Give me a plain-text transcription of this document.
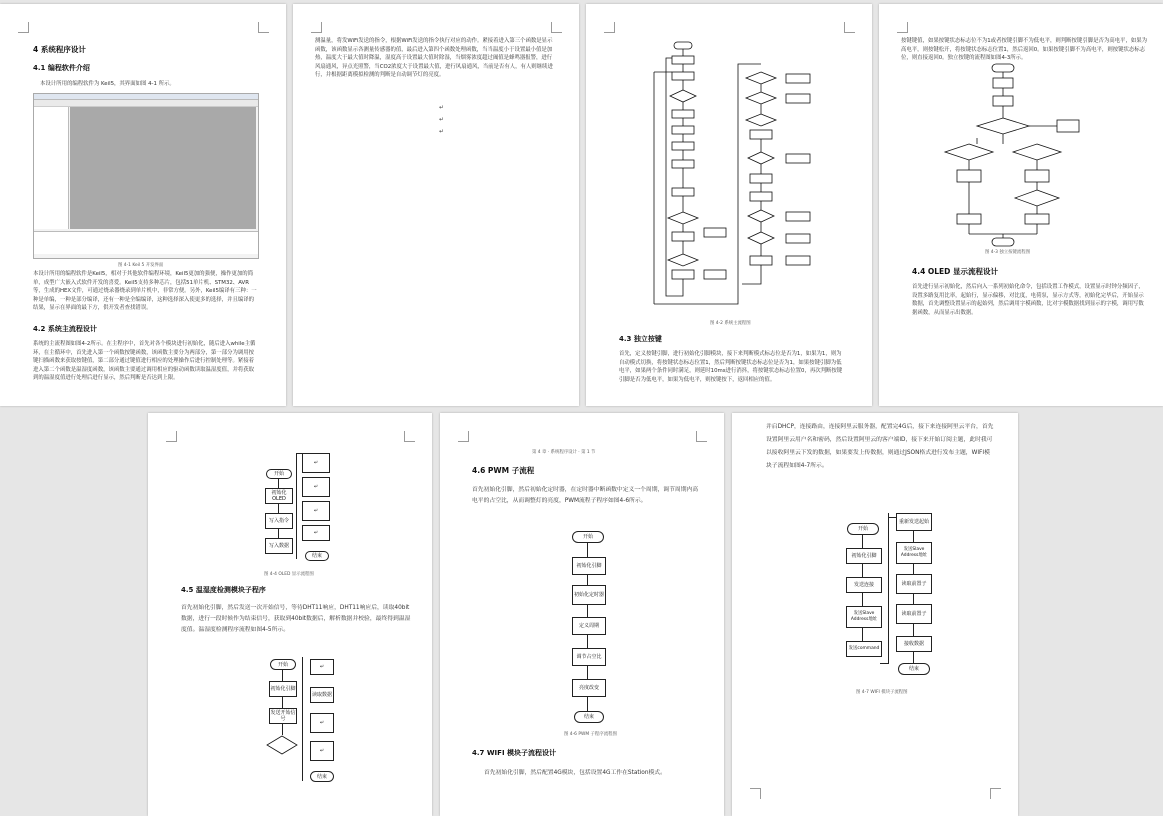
4 系统程序设计
4.1 编程软件介绍
本设计所用的编程软件为 Keil5，其界面如图 4-1 所示。
图 4-1 Keil 5 开发界面
本设计所用的编程软件是Keil5，相对于其他软件编程环境，Keil5更加的强便，操作更加的简单，成型广大嵌入式软件开发的喜爱。Keil5支持多种芯片，包括51单片机、STM32、AVR等，生成的HEX文件，可通过烧录器烧录到单片机中，非常方便。另外，Keil5编译有三种：一种是单编，一种是部分编译，还有一种是全编编译，这种选择深入使更多的选择，并且编译的结果，显示在界面的最下方，供开发者查找错误。
4.2 系统主流程设计
系统的主流程图如图4-2所示。在主程序中，首先对各个模块进行初始化，随后进入while主循环，在主循环中，首先进入第一个函数按键函数，该函数主要分为两部分，第一部分为调用按键扫描函数来获取按键值，第二部分通过键值进行相应的处理操作后进行控制处理等。紧接着进入第二个函数是温湿度函数，该函数主要通过调用相应的驱动函数读取温湿度值，并将获取到的温湿度值进行处理后进行显示，然后判断是否达到上限。
测温量，将发WiFi发送的指令，根据WiFi发送的指令执行对应的动作。紧接着进入第三个函数是显示函数，该函数显示各测量传感器的值，最后进入第四个函数处理函数，当当温度小于设置最小值是加热，温度大于最大值时降温，湿度高于设置最大值时除湿，当烟雾浓度超过阈值是蜂鸣器报警，进行风扇通风，异点光照警，当CO2浓度大于设置最大值，进行风扇通风，当前是否有人，有人则继续进行，并根据距离模拟检测的判断是自动调节灯的亮度。
↵
↵
↵
图 4-2 系统主流程图
4.3 独立按键
首先，定义按键引脚，进行初始化引脚模块，接下来判断模式标志位是否为1，如果为1，则为自动模式切换，将按键状态标志位置1，然后判断按键状态标志位是否为1，如果按键引脚为低电平，如果两个条件同时满足，则延时10ms进行消抖，将按键状态标志位置0，再次判断按键引脚是否为低电平，如果为低电平，则按键按下，返回相应的值。
按键键值，如果按键状态标志位不为1或者按键引脚不为低电平，则判断按键引脚是否为高电平，如果为高电平，则按键松开，将按键状态标志位置1，然后返回0。如果按键引脚不为高电平，则按键状态标志位，则直接返回0。独立按键的流程图如图4-3所示。
图 4-3 独立按键流程图
4.4 OLED 显示流程设计
首先进行显示初始化，然后向入一系列初始化命令，包括设置工作模式，设置显示时钟分频因子，设置多路复用比率，起始行，显示偏移，对比度，电荷泵，显示方式等，初始化完毕后，开始显示数据，首先调整设置显示的起始列，然后调用字模函数，比对字模数据找到显示的字模，调用写数据函数，从而显示出数据。
开始
初始化OLED
写入指令
写入数据
↵
↵
↵
↵
结束
图 4-4 OLED 显示流程图
4.5 温湿度检测模块子程序
首先初始化引脚，然后发送一次开始信号，等待DHT11响应，DHT11响应后，读取40bit数据，进行一段时候作为结束信号，获取到40bit数据后，解析数据并校验，最终得到温湿度值。温湿度检测程序流程如图4-5所示。
开始
初始化引脚
发送开始信号
↵
读取数据
↵
↵
结束
第 4 章 · 系统程序设计 · 第 1 节
4.6 PWM 子流程
首先初始化引脚，然后初始化定时器，在定时器中断函数中定义一个周期，调节周期内高电平的占空比，从而调整灯的亮度，PWM流程子程序如图4-6所示。
开始
初始化引脚
初始化定时器
定义周期
调节占空比
亮度改变
结束
图 4-6 PWM 子程序流程图
4.7 WIFI 模块子流程设计
首先初始化引脚，然后配置4G模块，包括设置4G工作在Station模式。
并启DHCP，连接路由，连接阿里云服务器，配置完4G后，接下来连接阿里云平台，首先设置阿里云用户名和密码，然后设置阿里云的客户端ID，接下来开始订阅主题，此时我可以接收阿里云下发的数据，如果要发上传数据，则通过JSON格式进行发布主题，WIFI模块子流程如图4-7所示。
开始
初始化引脚
发送连接
发送Slave Address地址
发送command
重新发送起始
发送Slave Address地址
读取前置子
读取前置子
接收数据
结束
图 4-7 WIFI 模块子流程图
